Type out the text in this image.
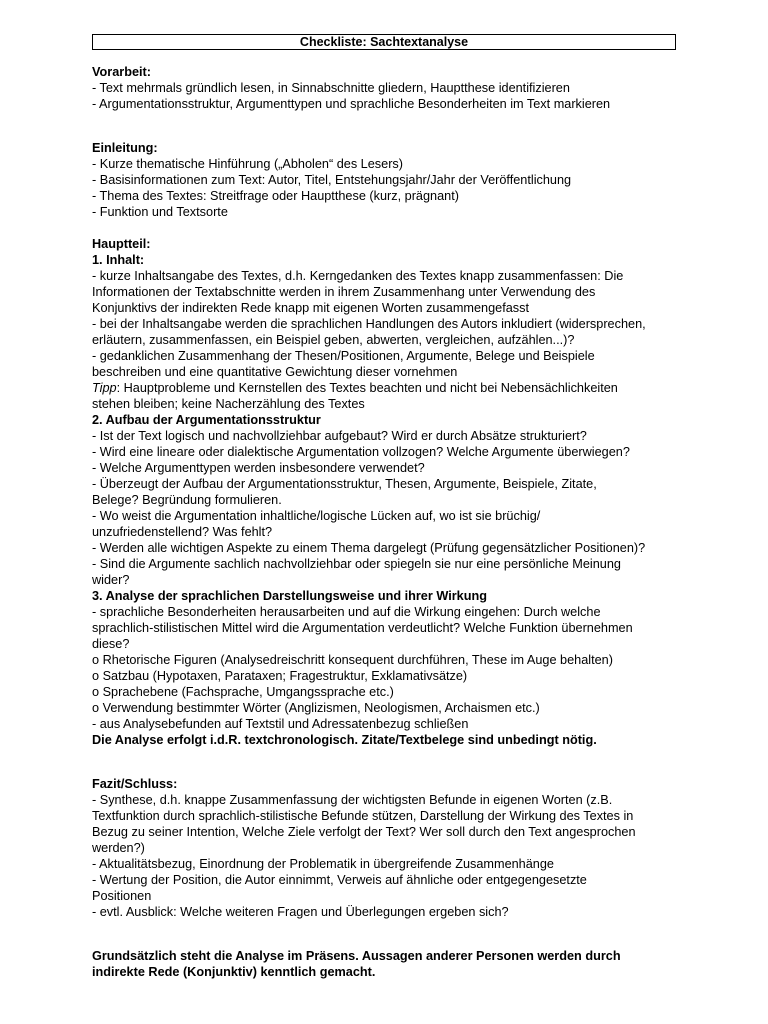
Checkliste: Sachtextanalyse
Vorarbeit:
- Text mehrmals gründlich lesen, in Sinnabschnitte gliedern, Hauptthese identifizieren
- Argumentationsstruktur, Argumenttypen und sprachliche Besonderheiten im Text markieren
Einleitung:
- Kurze thematische Hinführung („Abholen“ des Lesers)
- Basisinformationen zum Text: Autor, Titel, Entstehungsjahr/Jahr der Veröffentlichung
- Thema des Textes: Streitfrage oder Hauptthese (kurz, prägnant)
- Funktion und Textsorte
Hauptteil:
1. Inhalt:
- kurze Inhaltsangabe des Textes, d.h. Kerngedanken des Textes knapp zusammenfassen: Die
Informationen der Textabschnitte werden in ihrem Zusammenhang unter Verwendung des
Konjunktivs der indirekten Rede knapp mit eigenen Worten zusammengefasst
- bei der Inhaltsangabe werden die sprachlichen Handlungen des Autors inkludiert (widersprechen,
erläutern, zusammenfassen, ein Beispiel geben, abwerten, vergleichen, aufzählen...)?
- gedanklichen Zusammenhang der Thesen/Positionen, Argumente, Belege und Beispiele
beschreiben und eine quantitative Gewichtung dieser vornehmen
Tipp: Hauptprobleme und Kernstellen des Textes beachten und nicht bei Nebensächlichkeiten
stehen bleiben; keine Nacherzählung des Textes
2. Aufbau der Argumentationsstruktur
- Ist der Text logisch und nachvollziehbar aufgebaut? Wird er durch Absätze strukturiert?
- Wird eine lineare oder dialektische Argumentation vollzogen? Welche Argumente überwiegen?
- Welche Argumenttypen werden insbesondere verwendet?
- Überzeugt der Aufbau der Argumentationsstruktur, Thesen, Argumente, Beispiele, Zitate,
Belege? Begründung formulieren.
- Wo weist die Argumentation inhaltliche/logische Lücken auf, wo ist sie brüchig/
unzufriedenstellend? Was fehlt?
- Werden alle wichtigen Aspekte zu einem Thema dargelegt (Prüfung gegensätzlicher Positionen)?
- Sind die Argumente sachlich nachvollziehbar oder spiegeln sie nur eine persönliche Meinung
wider?
3. Analyse der sprachlichen Darstellungsweise und ihrer Wirkung
- sprachliche Besonderheiten herausarbeiten und auf die Wirkung eingehen: Durch welche
sprachlich-stilistischen Mittel wird die Argumentation verdeutlicht? Welche Funktion übernehmen
diese?
o Rhetorische Figuren (Analysedreischritt konsequent durchführen, These im Auge behalten)
o Satzbau (Hypotaxen, Parataxen; Fragestruktur, Exklamativsätze)
o Sprachebene (Fachsprache, Umgangssprache etc.)
o Verwendung bestimmter Wörter (Anglizismen, Neologismen, Archaismen etc.)
- aus Analysebefunden auf Textstil und Adressatenbezug schließen
Die Analyse erfolgt i.d.R. textchronologisch. Zitate/Textbelege sind unbedingt nötig.
Fazit/Schluss:
- Synthese, d.h. knappe Zusammenfassung der wichtigsten Befunde in eigenen Worten (z.B.
Textfunktion durch sprachlich-stilistische Befunde stützen, Darstellung der Wirkung des Textes in
Bezug zu seiner Intention, Welche Ziele verfolgt der Text? Wer soll durch den Text angesprochen
werden?)
- Aktualitätsbezug, Einordnung der Problematik in übergreifende Zusammenhänge
- Wertung der Position, die Autor einnimmt, Verweis auf ähnliche oder entgegengesetzte
Positionen
- evtl. Ausblick: Welche weiteren Fragen und Überlegungen ergeben sich?
Grundsätzlich steht die Analyse im Präsens. Aussagen anderer Personen werden durch
indirekte Rede (Konjunktiv) kenntlich gemacht.
